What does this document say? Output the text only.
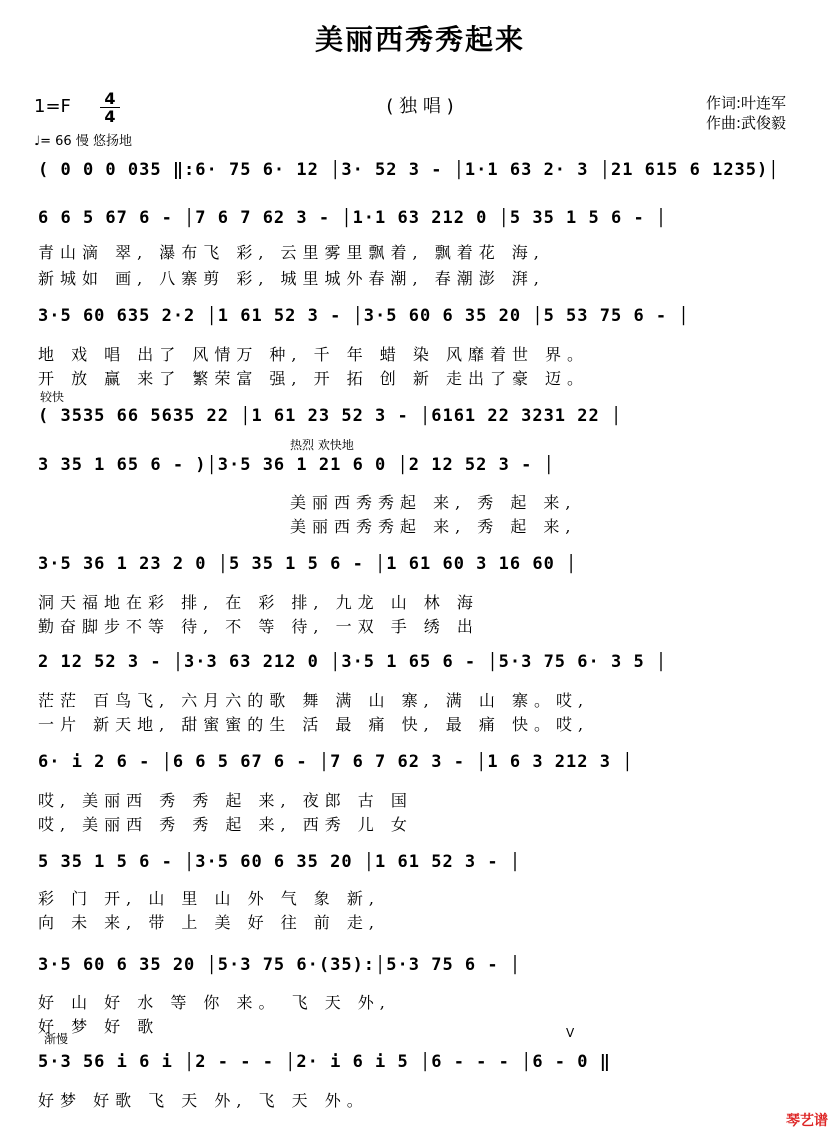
美丽西秀秀起来
( 独 唱 )
1=F 4
4
♩= 66 慢 悠扬地
作词:叶连军
作曲:武俊毅
( 0 0 0 035 ‖:6· 75 6· 12 │3· 52 3 - │1·1 63 2· 3 │21 615 6 1235)│
6 6 5 67 6 - │7 6 7 62 3 - │1·1 63 212 0 │5 35 1 5 6 - │
青山滴 翠, 瀑布飞 彩, 云里雾里飘着, 飘着花 海,
新城如 画, 八寨剪 彩, 城里城外春潮, 春潮澎 湃,
3·5 60 635 2·2 │1 61 52 3 - │3·5 60 6 35 20 │5 53 75 6 - │
地 戏 唱 出了 风情万 种, 千 年 蜡 染 风靡着世 界。
开 放 赢 来了 繁荣富 强, 开 拓 创 新 走出了豪 迈。
较快
( 3535 66 5635 22 │1 61 23 52 3 - │6161 22 3231 22 │
热烈 欢快地
3 35 1 65 6 - )│3·5 36 1 21 6 0 │2 12 52 3 - │
美丽西秀秀起 来, 秀 起 来,
美丽西秀秀起 来, 秀 起 来,
3·5 36 1 23 2 0 │5 35 1 5 6 - │1 61 60 3 16 60 │
洞天福地在彩 排, 在 彩 排, 九龙 山 林 海
勤奋脚步不等 待, 不 等 待, 一双 手 绣 出
2 12 52 3 - │3·3 63 212 0 │3·5 1 65 6 - │5·3 75 6· 3 5 │
茫茫 百鸟飞, 六月六的歌 舞 满 山 寨, 满 山 寨。哎,
一片 新天地, 甜蜜蜜的生 活 最 痛 快, 最 痛 快。哎,
6· i 2 6 - │6 6 5 67 6 - │7 6 7 62 3 - │1 6 3 212 3 │
哎, 美丽西 秀 秀 起 来, 夜郎 古 国
哎, 美丽西 秀 秀 起 来, 西秀 儿 女
5 35 1 5 6 - │3·5 60 6 35 20 │1 61 52 3 - │
彩 门 开, 山 里 山 外 气 象 新,
向 未 来, 带 上 美 好 往 前 走,
3·5 60 6 35 20 │5·3 75 6·(35):│5·3 75 6 - │
好 山 好 水 等 你 来。 飞 天 外,
好 梦 好 歌
渐慢	V
5·3 56 i 6 i │2 - - - │2· i 6 i 5 │6 - - - │6 - 0 ‖
好梦 好歌 飞 天 外, 飞 天 外。
琴艺谱
